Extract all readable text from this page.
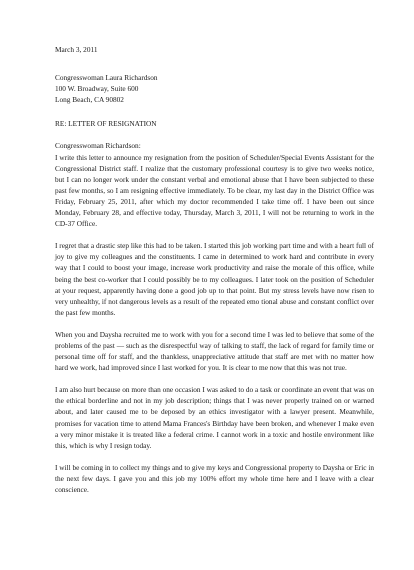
March 3, 2011
Congresswoman Laura Richardson
100 W. Broadway, Suite 600
Long Beach, CA 90802
RE: LETTER OF RESIGNATION
Congresswoman Richardson:

I write this letter to announce my resignation from the position of Scheduler/Special Events Assistant for the Congressional District staff. I realize that the customary professional courtesy is to give two weeks notice, but I can no longer work under the constant verbal and emotional abuse that I have been subjected to these past few months, so I am resigning effective immediately. To be clear, my last day in the District Office was Friday, February 25, 2011, after which my doctor recommended I take time off. I have been out since Monday, February 28, and effective today, Thursday, March 3, 2011, I will not be returning to work in the CD-37 Office.

I regret that a drastic step like this had to be taken. I started this job working part time and with a heart full of joy to give my colleagues and the constituents. I came in determined to work hard and contribute in every way that I could to boost your image, increase work productivity and raise the morale of this office, while being the best co-worker that I could possibly be to my colleagues. I later took on the position of Scheduler at your request, apparently having done a good job up to that point. But my stress levels have now risen to very unhealthy, if not dangerous levels as a result of the repeated emo tional abuse and constant conflict over the past few months.

When you and Daysha recruited me to work with you for a second time I was led to believe that some of the problems of the past — such as the disrespectful way of talking to staff, the lack of regard for family time or personal time off for staff, and the thankless, unappreciative attitude that staff are met with no matter how hard we work, had improved since I last worked for you. It is clear to me now that this was not true.

I am also hurt because on more than one occasion I was asked to do a task or coordinate an event that was on the ethical borderline and not in my job description; things that I was never properly trained on or warned about, and later caused me to be deposed by an ethics investigator with a lawyer present. Meanwhile, promises for vacation time to attend Mama Frances's Birthday have been broken, and whenever I make even a very minor mistake it is treated like a federal crime. I cannot work in a toxic and hostile environment like this, which is why I resign today.

I will be coming in to collect my things and to give my keys and Congressional property to Daysha or Eric in the next few days. I gave you and this job my 100% effort my whole time here and I leave with a clear conscience.
